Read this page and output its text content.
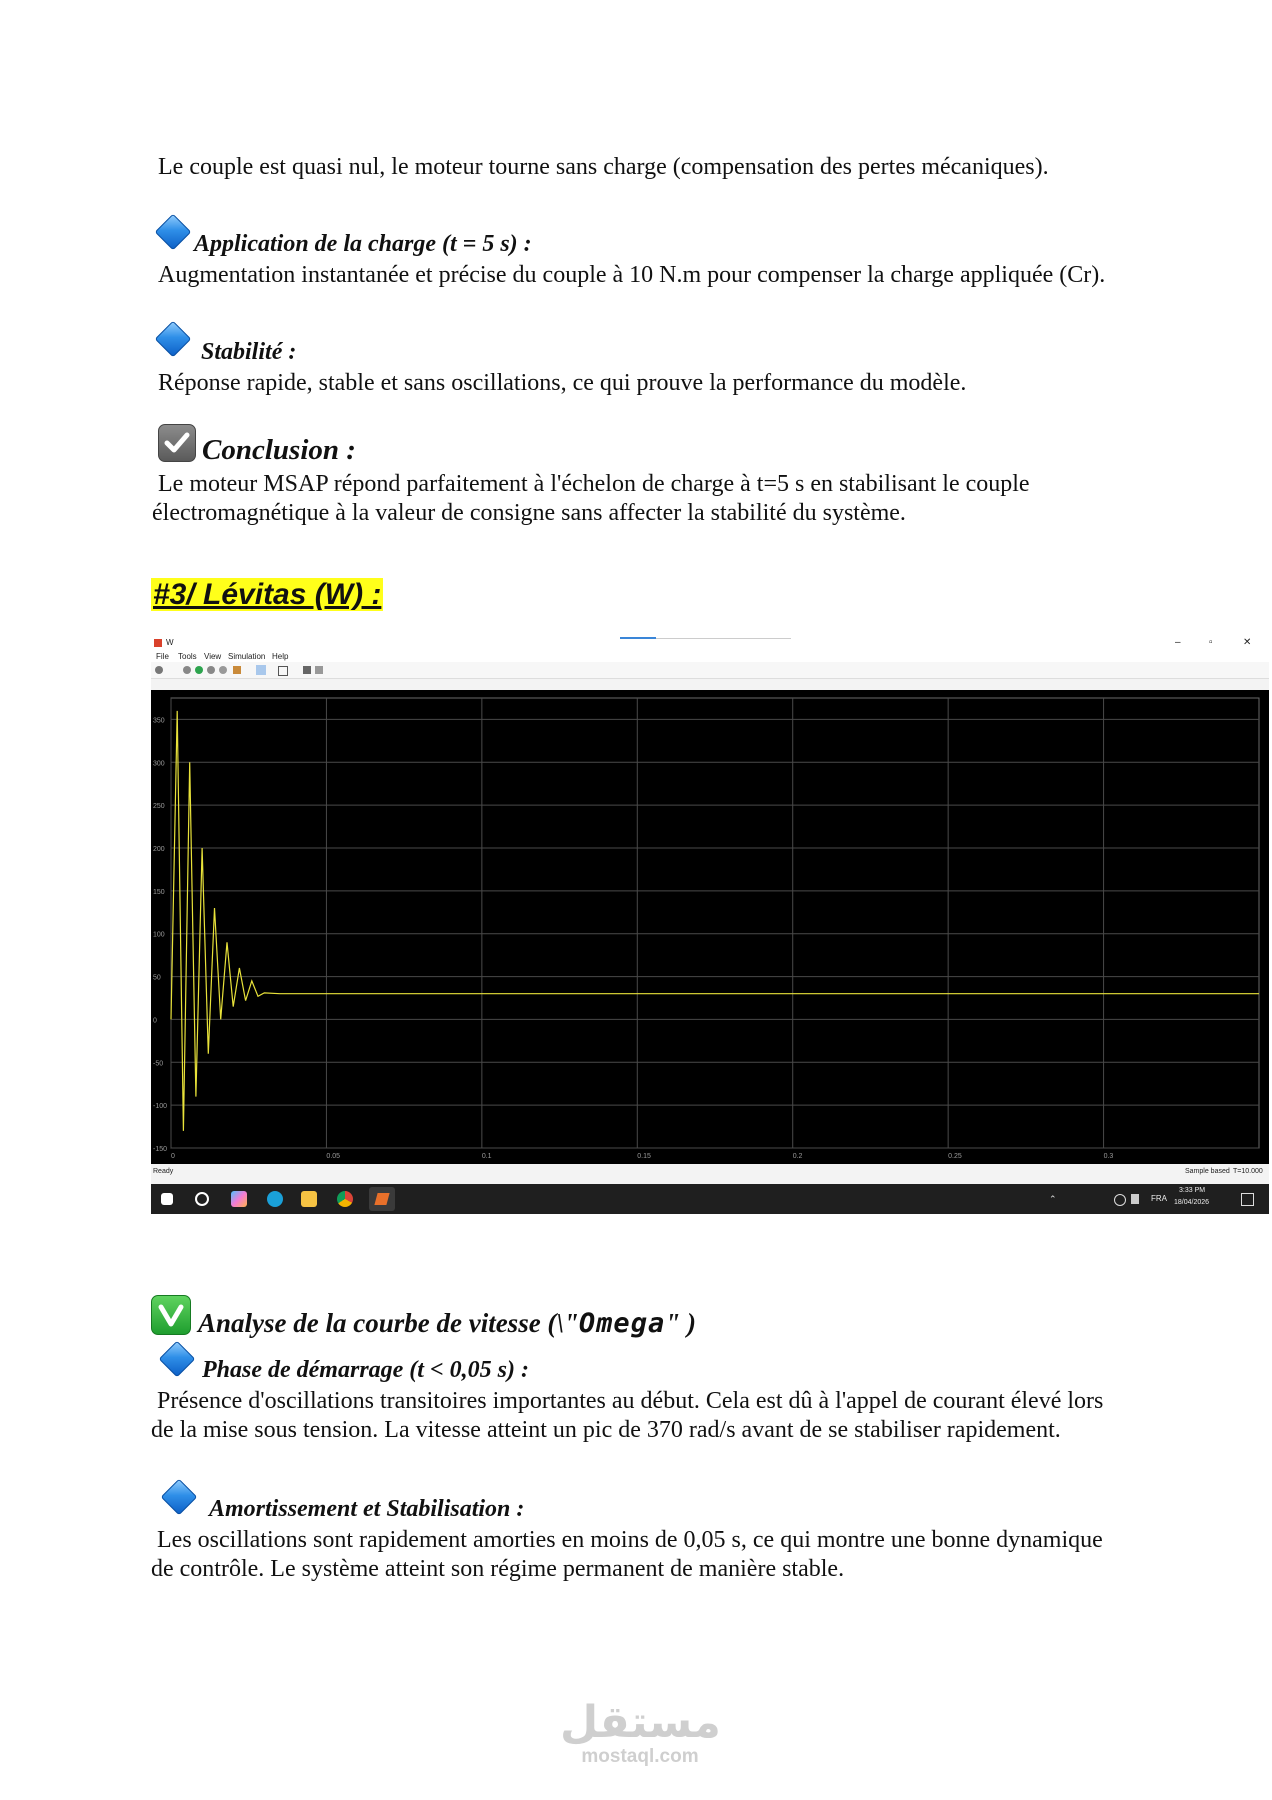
Le couple est quasi nul, le moteur tourne sans charge (compensation des pertes mécaniques).
Application de la charge (t = 5 s) :
Augmentation instantanée et précise du couple à 10 N.m pour compenser la charge appliquée (Cr).
Stabilité :
Réponse rapide, stable et sans oscillations, ce qui prouve la performance du modèle.
Conclusion :
Le moteur MSAP répond parfaitement à l'échelon de charge à t=5 s en stabilisant le couple électromagnétique à la valeur de consigne sans affecter la stabilité du système.
#3/ Lévitas (W) :
W	–	▫	✕
File Tools View Simulation Help
0	0.05	0.1	0.15	0.2	0.25	0.3
350
300
250
200
150
100
50
0
-50
-100
-150
Ready	Sample based T=10.000
⌃	FRA
3:33 PM
18/04/2026
Analyse de la courbe de vitesse (\"Omega" )
Phase de démarrage (t < 0,05 s) :
Présence d'oscillations transitoires importantes au début. Cela est dû à l'appel de courant élevé lors de la mise sous tension. La vitesse atteint un pic de 370 rad/s avant de se stabiliser rapidement.
Amortissement et Stabilisation :
Les oscillations sont rapidement amorties en moins de 0,05 s, ce qui montre une bonne dynamique de contrôle. Le système atteint son régime permanent de manière stable.
مستقل
mostaql.com
